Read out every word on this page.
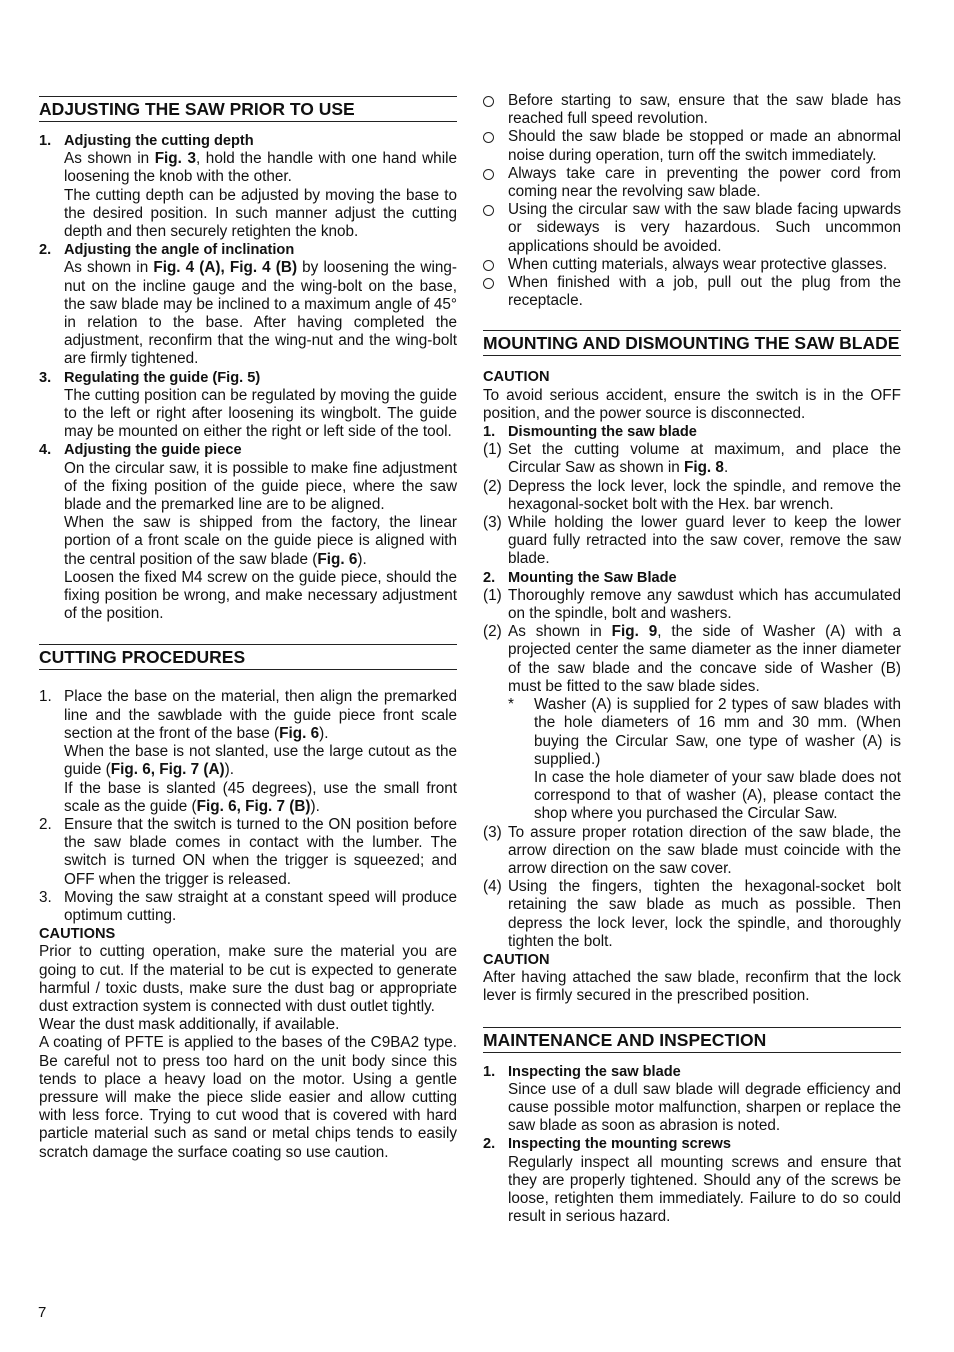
ADJUSTING THE SAW PRIOR TO USE
1. Adjusting the cutting depth
As shown in Fig. 3, hold the handle with one hand while loosening the knob with the other.
The cutting depth can be adjusted by moving the base to the desired position. In such manner adjust the cutting depth and then securely retighten the knob.
2. Adjusting the angle of inclination
As shown in Fig. 4 (A), Fig. 4 (B) by loosening the wing-nut on the incline gauge and the wing-bolt on the base, the saw blade may be inclined to a maximum angle of 45° in relation to the base. After having completed the adjustment, reconfirm that the wing-nut and the wing-bolt are firmly tightened.
3. Regulating the guide (Fig. 5)
The cutting position can be regulated by moving the guide to the left or right after loosening its wingbolt. The guide may be mounted on either the right or left side of the tool.
4. Adjusting the guide piece
On the circular saw, it is possible to make fine adjustment of the fixing position of the guide piece, where the saw blade and the premarked line are to be aligned.
When the saw is shipped from the factory, the linear portion of a front scale on the guide piece is aligned with the central position of the saw blade (Fig. 6).
Loosen the fixed M4 screw on the guide piece, should the fixing position be wrong, and make necessary adjustment of the position.
CUTTING PROCEDURES
1. Place the base on the material, then align the premarked line and the sawblade with the guide piece front scale section at the front of the base (Fig. 6).
When the base is not slanted, use the large cutout as the guide (Fig. 6, Fig. 7 (A)).
If the base is slanted (45 degrees), use the small front scale as the guide (Fig. 6, Fig. 7 (B)).
2. Ensure that the switch is turned to the ON position before the saw blade comes in contact with the lumber. The switch is turned ON when the trigger is squeezed; and OFF when the trigger is released.
3. Moving the saw straight at a constant speed will produce optimum cutting.
CAUTIONS
Prior to cutting operation, make sure the material you are going to cut. If the material to be cut is expected to generate harmful / toxic dusts, make sure the dust bag or appropriate dust extraction system is connected with dust outlet tightly.
Wear the dust mask additionally, if available.
A coating of PFTE is applied to the bases of the C9BA2 type. Be careful not to press too hard on the unit body since this tends to place a heavy load on the motor. Using a gentle pressure will make the piece slide easier and allow cutting with less force. Trying to cut wood that is covered with hard particle material such as sand or metal chips tends to easily scratch damage the surface coating so use caution.
Before starting to saw, ensure that the saw blade has reached full speed revolution.
Should the saw blade be stopped or made an abnormal noise during operation, turn off the switch immediately.
Always take care in preventing the power cord from coming near the revolving saw blade.
Using the circular saw with the saw blade facing upwards or sideways is very hazardous. Such uncommon applications should be avoided.
When cutting materials, always wear protective glasses.
When finished with a job, pull out the plug from the receptacle.
MOUNTING AND DISMOUNTING THE SAW BLADE
CAUTION
To avoid serious accident, ensure the switch is in the OFF position, and the power source is disconnected.
1. Dismounting the saw blade
(1) Set the cutting volume at maximum, and place the Circular Saw as shown in Fig. 8.
(2) Depress the lock lever, lock the spindle, and remove the hexagonal-socket bolt with the Hex. bar wrench.
(3) While holding the lower guard lever to keep the lower guard fully retracted into the saw cover, remove the saw blade.
2. Mounting the Saw Blade
(1) Thoroughly remove any sawdust which has accumulated on the spindle, bolt and washers.
(2) As shown in Fig. 9, the side of Washer (A) with a projected center the same diameter as the inner diameter of the saw blade and the concave side of Washer (B) must be fitted to the saw blade sides.
*	Washer (A) is supplied for 2 types of saw blades with the hole diameters of 16 mm and 30 mm. (When buying the Circular Saw, one type of washer (A) is supplied.)
In case the hole diameter of your saw blade does not correspond to that of washer (A), please contact the shop where you purchased the Circular Saw.
(3) To assure proper rotation direction of the saw blade, the arrow direction on the saw blade must coincide with the arrow direction on the saw cover.
(4) Using the fingers, tighten the hexagonal-socket bolt retaining the saw blade as much as possible. Then depress the lock lever, lock the spindle, and thoroughly tighten the bolt.
CAUTION
After having attached the saw blade, reconfirm that the lock lever is firmly secured in the prescribed position.
MAINTENANCE AND INSPECTION
1. Inspecting the saw blade
Since use of a dull saw blade will degrade efficiency and cause possible motor malfunction, sharpen or replace the saw blade as soon as abrasion is noted.
2. Inspecting the mounting screws
Regularly inspect all mounting screws and ensure that they are properly tightened. Should any of the screws be loose, retighten them immediately. Failure to do so could result in serious hazard.
7
